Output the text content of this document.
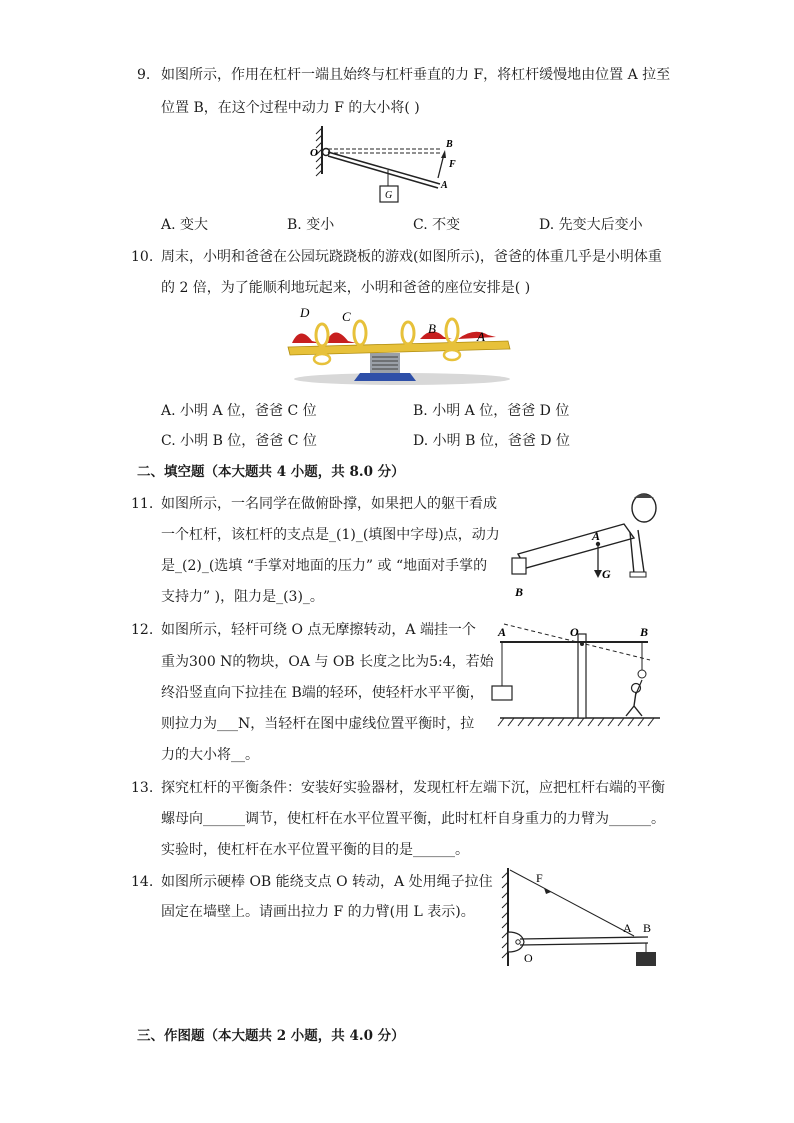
9. 如图所示，作用在杠杆一端且始终与杠杆垂直的力 F，将杠杆缓慢地由位置 A 拉至
位置 B，在这个过程中动力 F 的大小将( )
G
O
B
F
A
A. 变大	B. 变小	C. 不变	D. 先变大后变小
10. 周末，小明和爸爸在公园玩跷跷板的游戏(如图所示)，爸爸的体重几乎是小明体重
的 2 倍，为了能顺利地玩起来，小明和爸爸的座位安排是( )
D	C
B
A
A. 小明 A 位，爸爸 C 位	B. 小明 A 位，爸爸 D 位
C. 小明 B 位，爸爸 C 位	D. 小明 B 位，爸爸 D 位
二、填空题（本大题共 4 小题，共 8.0 分）
11. 如图所示，一名同学在做俯卧撑，如果把人的躯干看成
一个杠杆，该杠杆的支点是_(1)_(填图中字母)点，动力
是_(2)_(选填 “手掌对地面的压力” 或 “地面对手掌的
支持力” )，阻力是_(3)_。
A
G
B
12. 如图所示，轻杆可绕 O 点无摩擦转动，A 端挂一个
重为300 N的物块，OA 与 OB 长度之比为5:4，若始
终沿竖直向下拉挂在 B端的轻环，使轻杆水平平衡，
则拉力为___N，当轻杆在图中虚线位置平衡时，拉
力的大小将__。
A	O	B
13. 探究杠杆的平衡条件：安装好实验器材，发现杠杆左端下沉，应把杠杆右端的平衡
螺母向______调节，使杠杆在水平位置平衡，此时杠杆自身重力的力臂为______。
实验时，使杠杆在水平位置平衡的目的是______。
14. 如图所示硬棒 OB 能绕支点 O 转动，A 处用绳子拉住
固定在墙壁上。请画出拉力 F 的力臂(用 L 表示)。
F
A B
O
三、作图题（本大题共 2 小题，共 4.0 分）
